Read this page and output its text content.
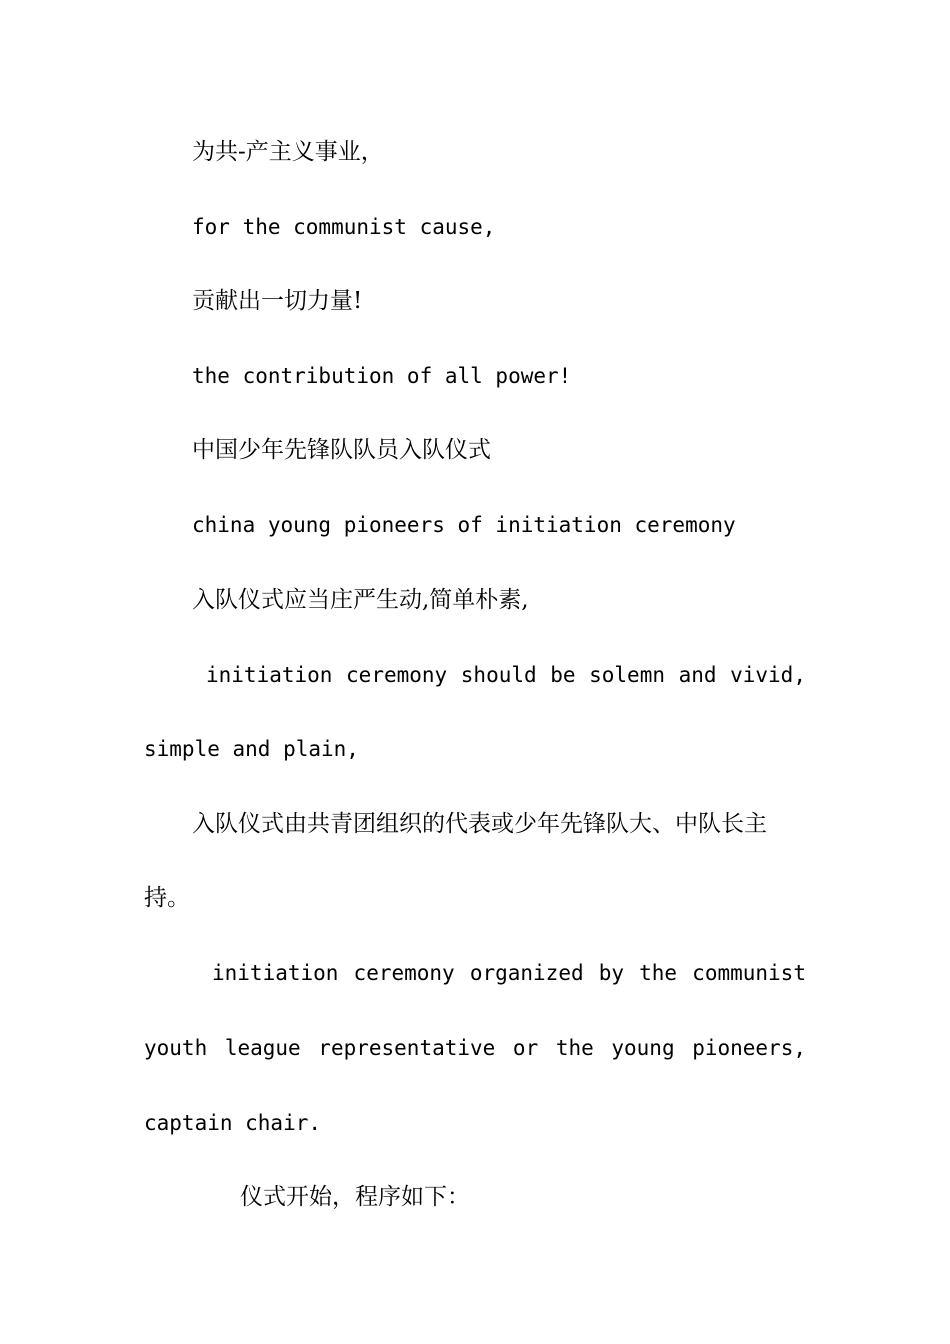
为共-产主义事业，
for the communist cause,
贡献出一切力量!
the contribution of all power!
中国少年先锋队队员入队仪式
china young pioneers of initiation ceremony
入队仪式应当庄严生动,简单朴素,
initiation ceremony should be solemn and vivid,
simple and plain,
入队仪式由共青团组织的代表或少年先锋队大、中队长主
持。
initiation ceremony organized by the communist
youth league representative or the young pioneers,
captain chair.
仪式开始，程序如下：
